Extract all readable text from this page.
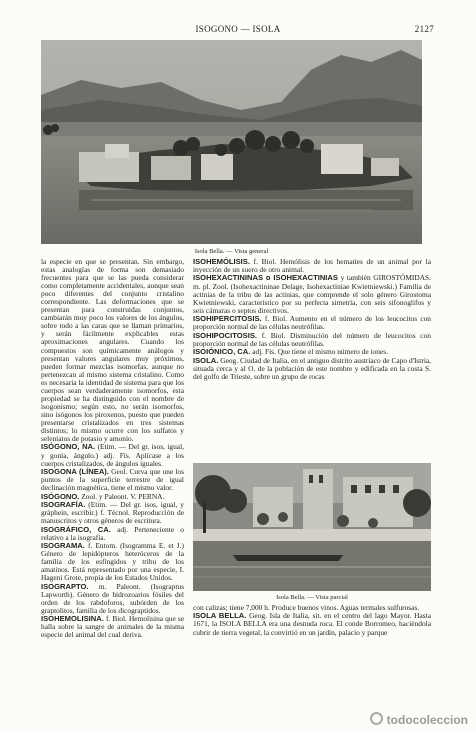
ISOGONO — ISOLA	2127
Isola Bella. — Vista general

la especie en que se presentan. Sin embargo, estas analogías de forma son demasiado frecuentes para que se las pueda considerar como completamente accidentales, aunque sean poco diferentes del conjunto cristalino correspondiente. Las deformaciones que se presentan para construidas conjuntos, cambiarán muy poco los valores de los ángulos, sobre todo a las caras que se llaman primarios, y serán fácilmente explicables estas aproximaciones angulares. Cuando los compuestos son químicamente análogos y presentan valores angulares muy próximos, pueden formar mezclas isomorfas, aunque no pertenezcan al mismo sistema cristalino. Como es necesaria la identidad de sistema para que los cuerpos sean verdaderamente isomorfos, esta propiedad se ha distinguido con el nombre de isogonismo; según esto, no serán isomorfos, sino isógonos los piroxenos, puesto que pueden presentarse cristalizados en tres sistemas distintos; lo mismo ocurre con los sulfatos y seleniatos de potasio y amonio.

ISÓGONO, NA. (Etim. — Del gr. isos, igual, y gonía, ángulo.) adj. Fís. Aplícase a los cuerpos cristalizados, de ángulos iguales.

ISOGONA (LÍNEA). Geol. Curva que une los puntos de la superficie terrestre de igual declinación magnética, tiene el mismo valor.

ISÓGONO. Zool. y Paleont. V. PERNA.

ISOGRAFÍA. (Etim. — Del gr. isos, igual, y gráphein, escribir.) f. Técnol. Reproducción de manuscritos y otros géneros de escritura.

ISOGRÁFICO, CA. adj. Perteneciente o relativo a la isografía.

ISOGRAMA. f. Entom. (Isogramma E. et J.) Género de lepidópteros heteróceros de la familia de los esfíngidos y tribu de los amatinos. Está representado por una especie, I. Hageni Grote, propia de los Estados Unidos.

ISOGRAPTO. m. Paleont. (Isograptus Lapworth). Género de hidrozoarios fósiles del orden de los rabdoforos, subórden de los graptolitos, familia de los dicograptidos.

ISOHEMOLISINA. f. Biol. Hemolisina que se halla sobre la sangre de animales de la misma especie del animal del cual deriva.

ISOHEMÓLISIS. f. Biol. Hemólisis de los hematíes de un animal por la inyección de un suero de otro animal.

ISOHEXACTININAS o ISOHEXACTINIAS y también GIROSTÓMIDAS. m. pl. Zool. (Isohexactininae Delage, Isohexactiniae Kwietniewski.) Familia de actinias de la tribu de las actinias, que comprende el solo género Girostoma Kwietniewski, característico por su perfecta simetría, con seis sifonoglifos y seis cámaras o septos directivos.

ISOHIPERCITOSIS. f. Biol. Aumento en el número de los leucocitos con proporción normal de las células neutrófilas.

ISOHIPOCITOSIS. f. Biol. Disminución del número de leucocitos con proporción normal de las células neutrófilas.

ISOIÓNICO, CA. adj. Fís. Que tiene el mismo número de iones.

ISOLA. Geog. Ciudad de Italia, en el antiguo distrito austríaco de Capo d'Istria, situada cerca y al O. de la población de este nombre y edificada en la costa S. del golfo de Trieste, sobre un grupo de rocas

Isola Bella. — Vista parcial

con calizas; tiene 7,000 h. Produce buenos vinos. Aguas termales sulfurosas.

ISOLA BELLA. Geog. Isla de Italia, sit. en el centro del lago Mayor. Hasta 1671, la ISOLA BELLA era una desnuda roca. El conde Borromeo, haciéndola cubrir de tierra vegetal, la convirtió en un jardín, palacio y parque

todocoleccion
